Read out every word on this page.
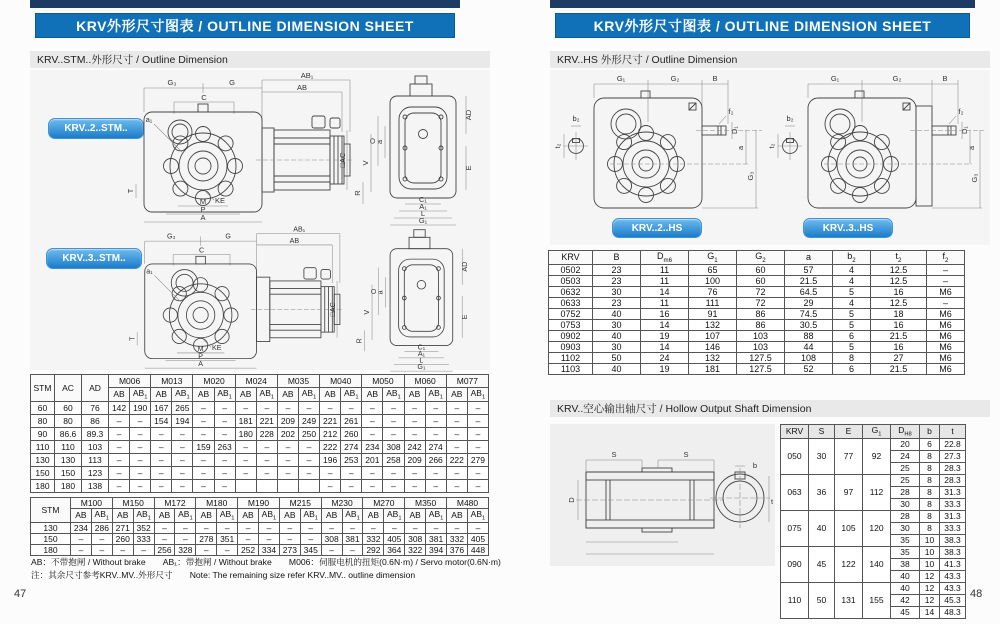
KRV外形尺寸图表 / OUTLINE DIMENSION SHEET
KRV..STM..外形尺寸 / Outline Dimension
KRV..2..STM..
KRV..3..STM..
G₃	G
AB₁
AB
C
□AC
KE
M
P
A
T
a₁	AD
E
O
a
V
R
C₁
A₁
L
G₁
G₃	G
AB₁
AB
C
□AC
KE
M
P
A
T
a₁	AD
E
O
a
V
R
C₁
A₁
L
G₁
STM	AC	AD	M006		M013		M020		M024		M035		M040		M050		M060		M077	
			AB	$AB_1$	AB	$AB_1$	AB	$AB_1$	AB	$AB_1$	AB	$AB_1$	AB	$AB_1$	AB	$AB_1$	AB	$AB_1$	AB	$AB_1$
60	60	76	142	190	167	265	–	–	–	–	–	–	–	–	–	–	–	–	–	–
80	80	86	–	–	154	194	–	–	181	221	209	249	221	261	–	–	–	–	–	–
90	86.6	89.3	–	–	–	–	–	–	180	228	202	250	212	260	–	–	–	–	–	–
110	110	103	–	–	–	–	159	263	–	–	–	–	222	274	234	308	242	274	–	–
130	130	113	–	–	–	–	–	–	–	–	–	–	196	253	201	258	209	266	222	279
150	150	123	–	–	–	–	–	–	–	–	–	–	–	–	–	–	–	–	–	–
180	180	138	–	–	–	–	–	–					–	–	–	–	–	–	–	–
STM	M100		M150		M172		M180		M190		M215		M230		M270		M350		M480	
	AB	$AB_1$	AB	$AB_1$	AB	$AB_1$	AB	$AB_1$	AB	$AB_1$	AB	$AB_1$	AB	$AB_1$	AB	$AB_1$	AB	$AB_1$	AB	$AB_1$
130	234	286	271	352	–	–	–	–	–	–	–	–	–	–	–	–	–	–	–	–
150	–	–	260	333	–	–	278	351	–	–	–	–	308	381	332	405	308	381	332	405
180	–	–	–	–	256	328	–	–	252	334	273	345	–	–	292	364	322	394	376	448
AB：不带抱闸 / Without brake　　AB₁：带抱闸 / Without brake　　M006：伺服电机的扭矩(0.6N·m) / Servo motor(0.6N·m)
注：其余尺寸参考KRV..MV..外形尺寸　　Note: The remaining size refer KRV..MV.. outline dimension
47
KRV外形尺寸图表 / OUTLINE DIMENSION SHEET
KRV..HS 外形尺寸 / Outline Dimension
G₁	G₂	B
f₂
D₁
a
G₃
b₂
t₂
G₁	G₂	B
f₂
D₁
a
G₃
b₂
t₂
KRV..2..HS	KRV..3..HS
KRV	B	$D_{m6}$	$G_1$	$G_2$	a	$b_2$	$t_2$	$f_2$
0502	23	11	65	60	57	4	12.5	–
0503	23	11	100	60	21.5	4	12.5	–
0632	30	14	76	72	64.5	5	16	M6
0633	23	11	111	72	29	4	12.5	–
0752	40	16	91	86	74.5	5	18	M6
0753	30	14	132	86	30.5	5	16	M6
0902	40	19	107	103	88	6	21.5	M6
0903	30	14	146	103	44	5	16	M6
1102	50	24	132	127.5	108	8	27	M6
1103	40	19	181	127.5	52	6	21.5	M6
KRV..空心输出轴尺寸 / Hollow Output Shaft Dimension
S	S
D
b
t
KRV	S	E	$G_1$	$D_{H8}$	b	t
050	30	77	92	20	6	22.8
				24	8	27.3
				25	8	28.3
063	36	97	112	25	8	28.3
				28	8	31.3
				30	8	33.3
075	40	105	120	28	8	31.3
				30	8	33.3
				35	10	38.3
090	45	122	140	35	10	38.3
				38	10	41.3
				40	12	43.3
110	50	131	155	40	12	43.3
				42	12	45.3
				45	14	48.3
48
